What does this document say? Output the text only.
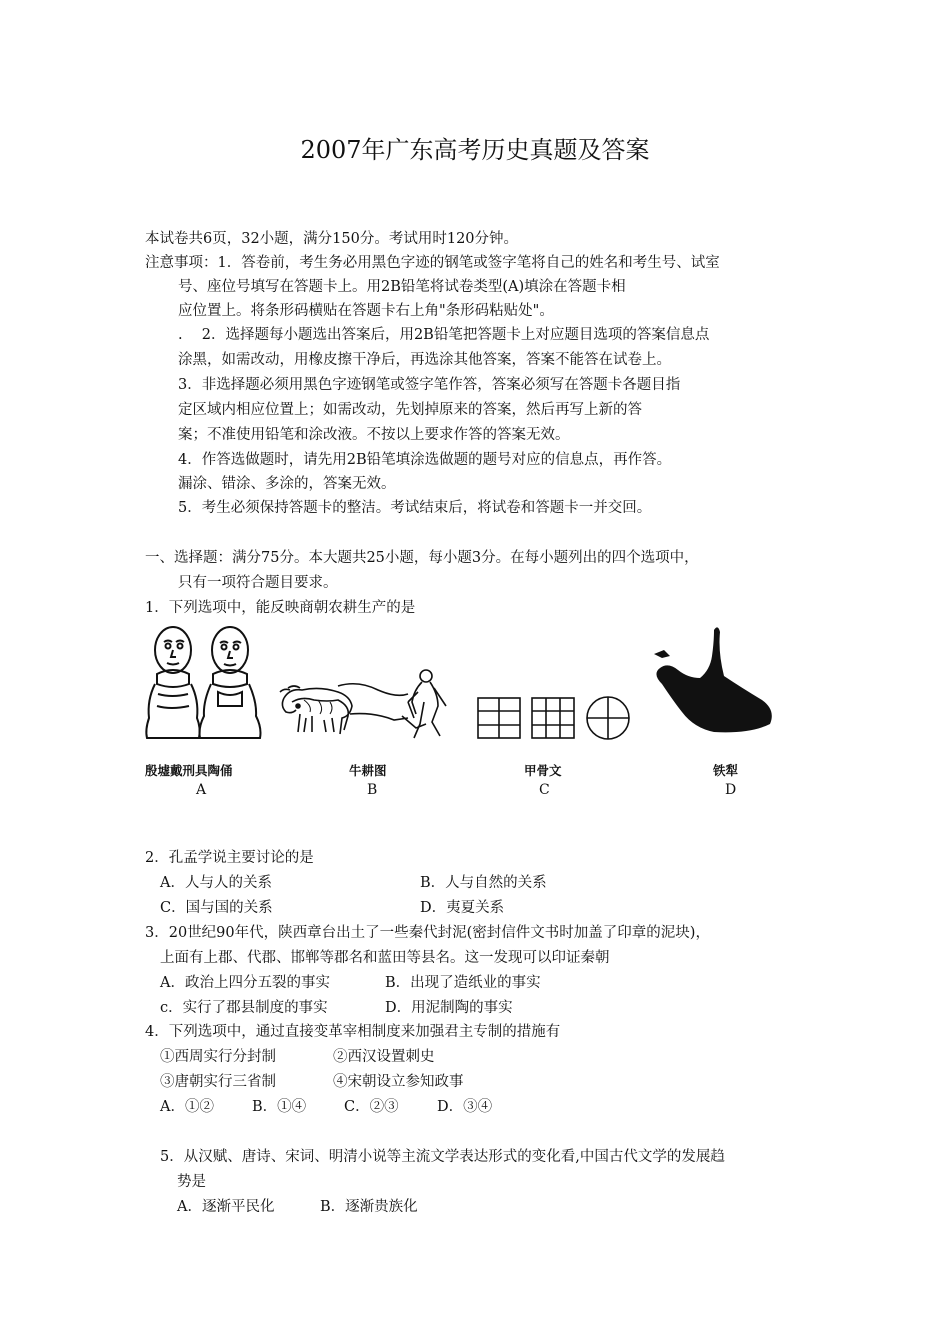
2007年广东高考历史真题及答案
本试卷共6页，32小题，满分150分。考试用时120分钟。
注意事项：1．答卷前，考生务必用黑色字迹的钢笔或签字笔将自己的姓名和考生号、试室
号、座位号填写在答题卡上。用2B铅笔将试卷类型(A)填涂在答题卡相
应位置上。将条形码横贴在答题卡右上角"条形码粘贴处"。
.　 2．选择题每小题选出答案后，用2B铅笔把答题卡上对应题目选项的答案信息点
涂黑，如需改动，用橡皮擦干净后，再选涂其他答案，答案不能答在试卷上。
3．非选择题必须用黑色字迹钢笔或签字笔作答，答案必须写在答题卡各题目指
定区域内相应位置上；如需改动，先划掉原来的答案，然后再写上新的答
案；不准使用铅笔和涂改液。不按以上要求作答的答案无效。
4．作答选做题时，请先用2B铅笔填涂选做题的题号对应的信息点，再作答。
漏涂、错涂、多涂的，答案无效。
5．考生必须保持答题卡的整洁。考试结束后，将试卷和答题卡一并交回。
一、选择题：满分75分。本大题共25小题，每小题3分。在每小题列出的四个选项中，
只有一项符合题目要求。
1．下列选项中，能反映商朝农耕生产的是
殷墟戴刑具陶俑	牛耕图	甲骨文	铁犁
A	B	C	D
2．孔孟学说主要讨论的是
A．人与人的关系	B．人与自然的关系
C．国与国的关系	D．夷夏关系
3．20世纪90年代，陕西章台出土了一些秦代封泥(密封信件文书时加盖了印章的泥块)，
上面有上郡、代郡、邯郸等郡名和蓝田等县名。这一发现可以印证秦朝
A．政治上四分五裂的事实	B．出现了造纸业的事实
c．实行了郡县制度的事实	D．用泥制陶的事实
4．下列选项中，通过直接变革宰相制度来加强君主专制的措施有
①西周实行分封制	②西汉设置刺史
③唐朝实行三省制	④宋朝设立参知政事
A．①②	B．①④	C．②③	D．③④
5．从汉赋、唐诗、宋词、明清小说等主流文学表达形式的变化看,中国古代文学的发展趋
势是
A．逐渐平民化	B．逐渐贵族化
